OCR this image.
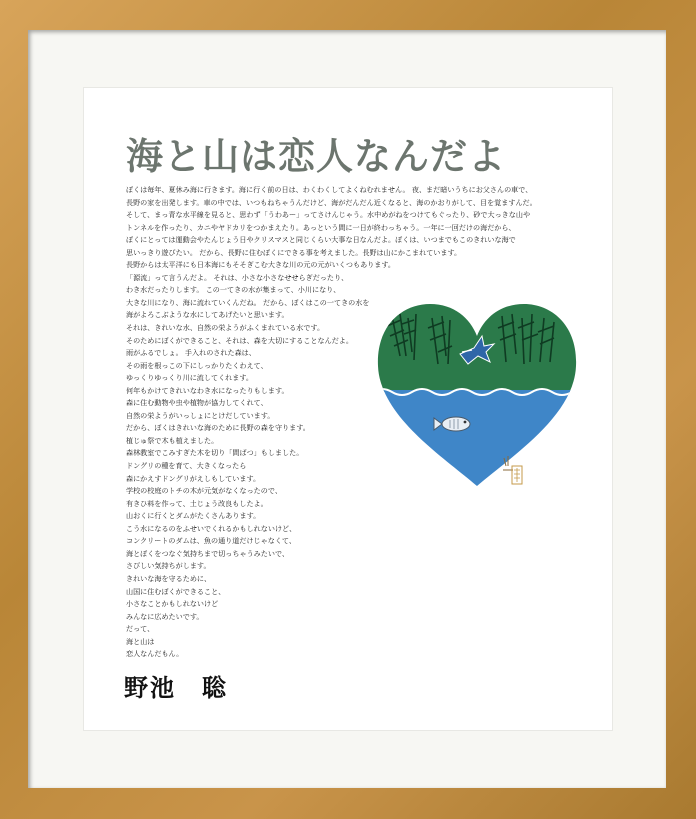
海と山は恋人なんだよ
ぼくは毎年、夏休み海に行きます。海に行く前の日は、わくわくしてよくねむれません。 夜、まだ暗いうちにお父さんの車で、
長野の家を出発します。車の中では、いつもねちゃうんだけど、海がだんだん近くなると、海のかおりがして、目を覚ますんだ。
そして、まっ青な水平線を見ると、思わず「うわあー」ってさけんじゃう。水中めがねをつけてもぐったり、砂で大っきな山や
トンネルを作ったり、カニやヤドカリをつかまえたり。あっという間に一日が終わっちゃう。一年に一回だけの海だから、
ぼくにとっては運動会やたんじょう日やクリスマスと同じくらい大事な日なんだよ。ぼくは、いつまでもこのきれいな海で
思いっきり遊びたい。 だから、長野に住むぼくにできる事を考えました。長野は山にかこまれています。
長野からは太平洋にも日本海にもそそぎこむ大きな川の元の元がいくつもあります。
「源流」って言うんだよ。 それは、小さな小さなせせらぎだったり、
わき水だったりします。 この一てきの水が集まって、小川になり、
大きな川になり、海に流れていくんだね。 だから、ぼくはこの一てきの水を
海がよろこぶような水にしてあげたいと思います。
それは、きれいな水、自然の栄ようがふくまれている水です。
そのためにぼくができること、それは、森を大切にすることなんだよ。
雨がふるでしょ。 手入れのされた森は、
その雨を根っこの下にしっかりたくわえて、
ゆっくりゆっくり川に流してくれます。
何年もかけてきれいなわき水になったりもします。
森に住む動物や虫や植物が協力してくれて、
自然の栄ようがいっしょにとけだしています。
だから、ぼくはきれいな海のために長野の森を守ります。
植じゅ祭で木も植えました。
森林教室でこみすぎた木を切り「間ばつ」もしました。
ドングリの種を育て、大きくなったら
森にかえすドングリがえしもしています。
学校の校庭のトチの木が元気がなくなったので、
有きひ料を作って、土じょう改良もしたよ。
山おくに行くとダムがたくさんあります。
こう水になるのをふせいでくれるかもしれないけど、
コンクリートのダムは、魚の通り道だけじゃなくて、
海とぼくをつなぐ気持ちまで切っちゃうみたいで、
さびしい気持ちがします。
きれいな海を守るために、
山国に住むぼくができること、
小さなことかもしれないけど
みんなに広めたいです。
だって、
海と山は
恋人なんだもん。
野池　聡
